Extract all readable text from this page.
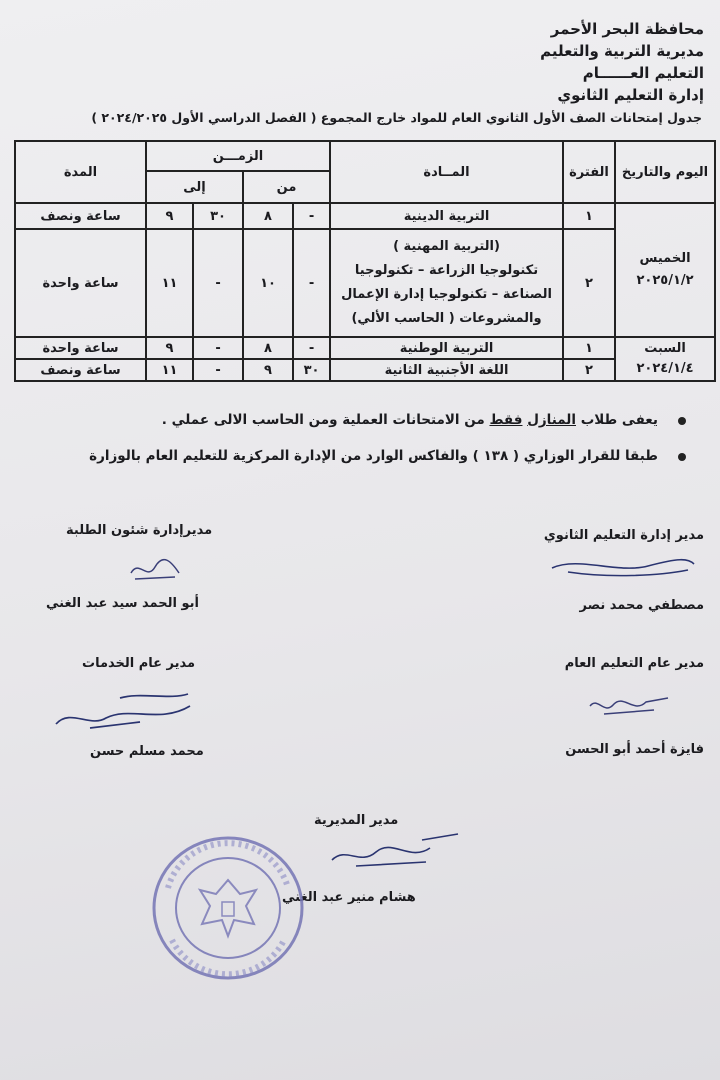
محافظة البحر الأحمر
مديرية التربية والتعليم
التعليم العــــــام
إدارة التعليم الثانوي
جدول إمتحانات الصف الأول الثانوي العام للمواد خارج المجموع ( الفصل الدراسي الأول ٢٠٢٤/٢٠٢٥ )
اليوم والتاريخ	الفترة	المــادة	الزمـــن				المدة
			من		إلى		

الخميس
٢٠٢٥/١/٢	١	التربية الدينية	-	٨	٣٠	٩	ساعة ونصف
	٢	(التربية المهنية )
تكنولوجيا الزراعة – تكنولوجيا
الصناعة – تكنولوجيا إدارة الإعمال
والمشروعات ( الحاسب الألي)	-	١٠	-	١١	ساعة واحدة

السبت
٢٠٢٤/١/٤	١	التربية الوطنية	-	٨	-	٩	ساعة واحدة
	٢	اللغة الأجنبية الثانية	٣٠	٩	-	١١	ساعة ونصف
يعفى طلاب المنازل فقط من الامتحانات العملية ومن الحاسب الالى عملي .
طبقا للقرار الوزاري ( ١٣٨ ) والفاكس الوارد من الإدارة المركزية للتعليم العام بالوزارة
مدير إدارة التعليم الثانوي
مصطفي محمد نصر
مديرإدارة شئون الطلبة
أبو الحمد سيد عبد الغني
مدير عام التعليم العام
فايزة أحمد أبو الحسن
مدير عام الخدمات
محمد مسلم حسن
مدير المديرية
هشام منير عبد الغني
